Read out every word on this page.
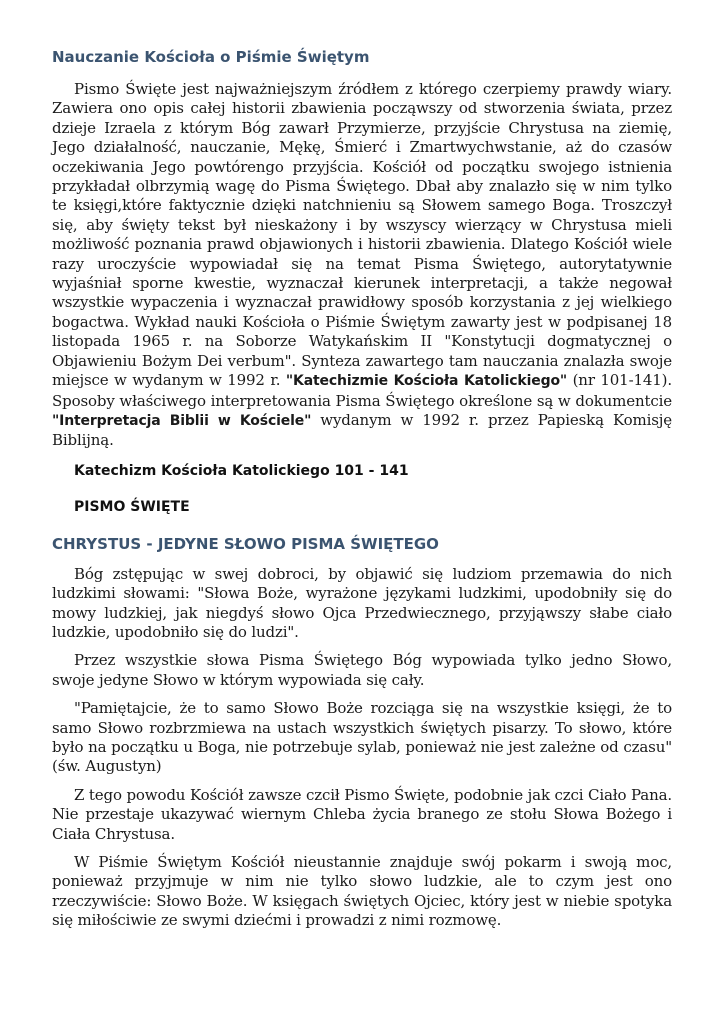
Nauczanie Kościoła o Piśmie Świętym

Pismo Święte jest najważniejszym źródłem z którego czerpiemy prawdy wiary. Zawiera ono opis całej historii zbawienia począwszy od stworzenia świata, przez dzieje Izraela z którym Bóg zawarł Przymierze, przyjście Chrystusa na ziemię, Jego działalność, nauczanie, Mękę, Śmierć i Zmartwychwstanie, aż do czasów oczekiwania Jego powtórengo przyjścia. Kościół od początku swojego istnienia przykładał olbrzymią wagę do Pisma Świętego. Dbał aby znalazło się w nim tylko te księgi,które faktycznie dzięki natchnieniu są Słowem samego Boga. Troszczył się, aby święty tekst był nieskażony i by wszyscy wierzący w Chrystusa mieli możliwość poznania prawd objawionych i historii zbawienia. Dlatego Kościół wiele razy uroczyście wypowiadał się na temat Pisma Świętego, autorytatywnie wyjaśniał sporne kwestie, wyznaczał kierunek interpretacji, a także negował wszystkie wypaczenia i wyznaczał prawidłowy sposób korzystania z jej wielkiego bogactwa. Wykład nauki Kościoła o Piśmie Świętym zawarty jest w podpisanej 18 listopada 1965 r. na Soborze Watykańskim II "Konstytucji dogmatycznej o Objawieniu Bożym Dei verbum". Synteza zawartego tam nauczania znalazła swoje miejsce w wydanym w 1992 r. "Katechizmie Kościoła Katolickiego" (nr 101-141). Sposoby właściwego interpretowania Pisma Świętego określone są w dokumentcie "Interpretacja Biblii w Kościele" wydanym w 1992 r. przez Papieską Komisję Biblijną.

Katechizm Kościoła Katolickiego 101 - 141
PISMO ŚWIĘTE
CHRYSTUS - JEDYNE SŁOWO PISMA ŚWIĘTEGO

Bóg zstępując w swej dobroci, by objawić się ludziom przemawia do nich ludzkimi słowami: "Słowa Boże, wyrażone językami ludzkimi, upodobniły się do mowy ludzkiej, jak niegdyś słowo Ojca Przedwiecznego, przyjąwszy słabe ciało ludzkie, upodobniło się do ludzi".

Przez wszystkie słowa Pisma Świętego Bóg wypowiada tylko jedno Słowo, swoje jedyne Słowo w którym wypowiada się cały.

"Pamiętajcie, że to samo Słowo Boże rozciąga się na wszystkie księgi, że to samo Słowo rozbrzmiewa na ustach wszystkich świętych pisarzy. To słowo, które było na początku u Boga, nie potrzebuje sylab, ponieważ nie jest zależne od czasu" (św. Augustyn)

Z tego powodu Kościół zawsze czcił Pismo Święte, podobnie jak czci Ciało Pana. Nie przestaje ukazywać wiernym Chleba życia branego ze stołu Słowa Bożego i Ciała Chrystusa.

W Piśmie Świętym Kościół nieustannie znajduje swój pokarm i swoją moc, ponieważ przyjmuje w nim nie tylko słowo ludzkie, ale to czym jest ono rzeczywiście: Słowo Boże. W księgach świętych Ojciec, który jest w niebie spotyka się miłościwie ze swymi dziećmi i prowadzi z nimi rozmowę.
